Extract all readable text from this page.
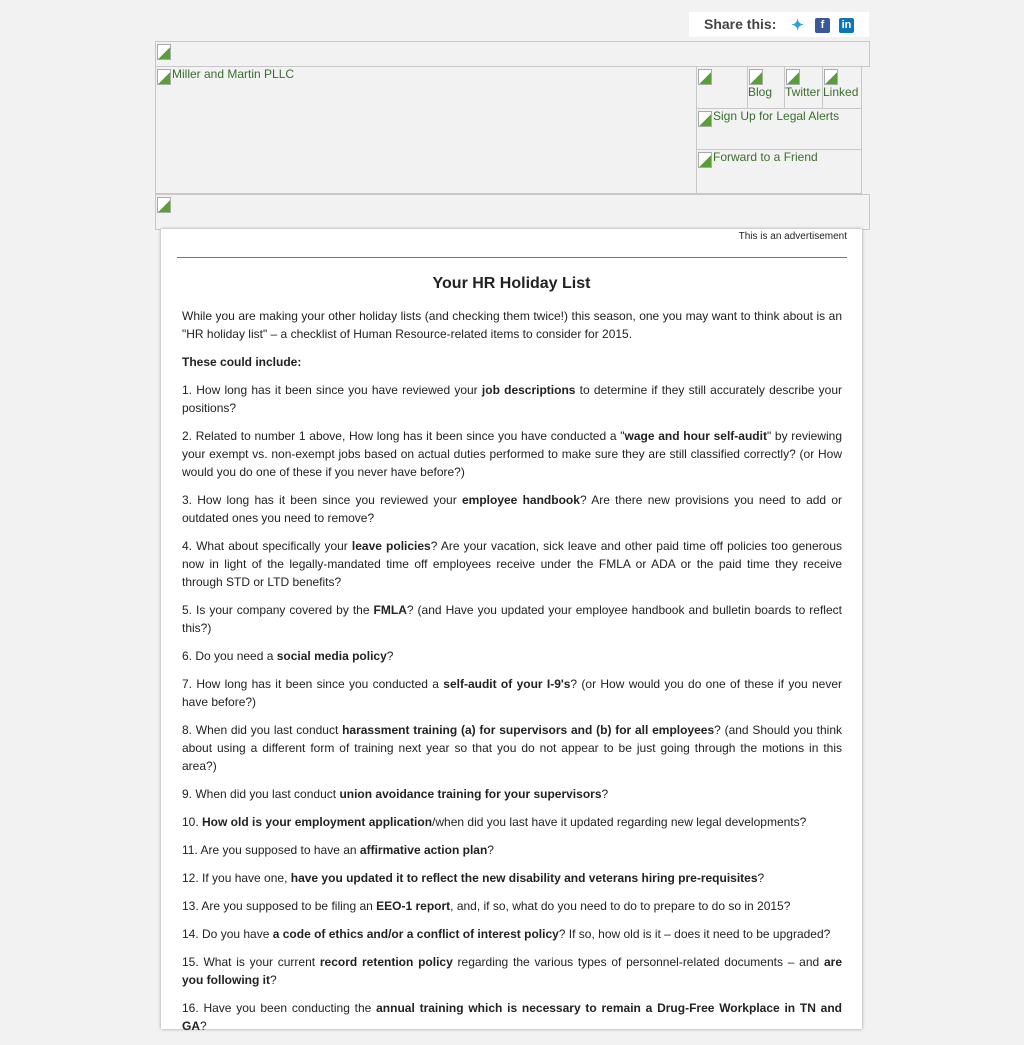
Share this: ✦	f	in
Miller and Martin PLLC

Blog	Twitter Linked
Sign Up for Legal Alerts
Forward to a Friend
This is an advertisement
Your HR Holiday List

While you are making your other holiday lists (and checking them twice!) this season, one you may want to think about is an "HR holiday list" – a checklist of Human Resource-related items to consider for 2015.

These could include:

1. How long has it been since you have reviewed your job descriptions to determine if they still accurately describe your positions?

2. Related to number 1 above, How long has it been since you have conducted a "wage and hour self-audit" by reviewing your exempt vs. non-exempt jobs based on actual duties performed to make sure they are still classified correctly? (or How would you do one of these if you never have before?)

3. How long has it been since you reviewed your employee handbook? Are there new provisions you need to add or outdated ones you need to remove?

4. What about specifically your leave policies? Are your vacation, sick leave and other paid time off policies too generous now in light of the legally-mandated time off employees receive under the FMLA or ADA or the paid time they receive through STD or LTD benefits?

5. Is your company covered by the FMLA? (and Have you updated your employee handbook and bulletin boards to reflect this?)

6. Do you need a social media policy?

7. How long has it been since you conducted a self-audit of your I-9's? (or How would you do one of these if you never have before?)

8. When did you last conduct harassment training (a) for supervisors and (b) for all employees? (and Should you think about using a different form of training next year so that you do not appear to be just going through the motions in this area?)

9. When did you last conduct union avoidance training for your supervisors?

10. How old is your employment application/when did you last have it updated regarding new legal developments?

11. Are you supposed to have an affirmative action plan?

12. If you have one, have you updated it to reflect the new disability and veterans hiring pre-requisites?

13. Are you supposed to be filing an EEO-1 report, and, if so, what do you need to do to prepare to do so in 2015?

14. Do you have a code of ethics and/or a conflict of interest policy? If so, how old is it – does it need to be upgraded?

15. What is your current record retention policy regarding the various types of personnel-related documents – and are you following it?

16. Have you been conducting the annual training which is necessary to remain a Drug-Free Workplace in TN and GA?
